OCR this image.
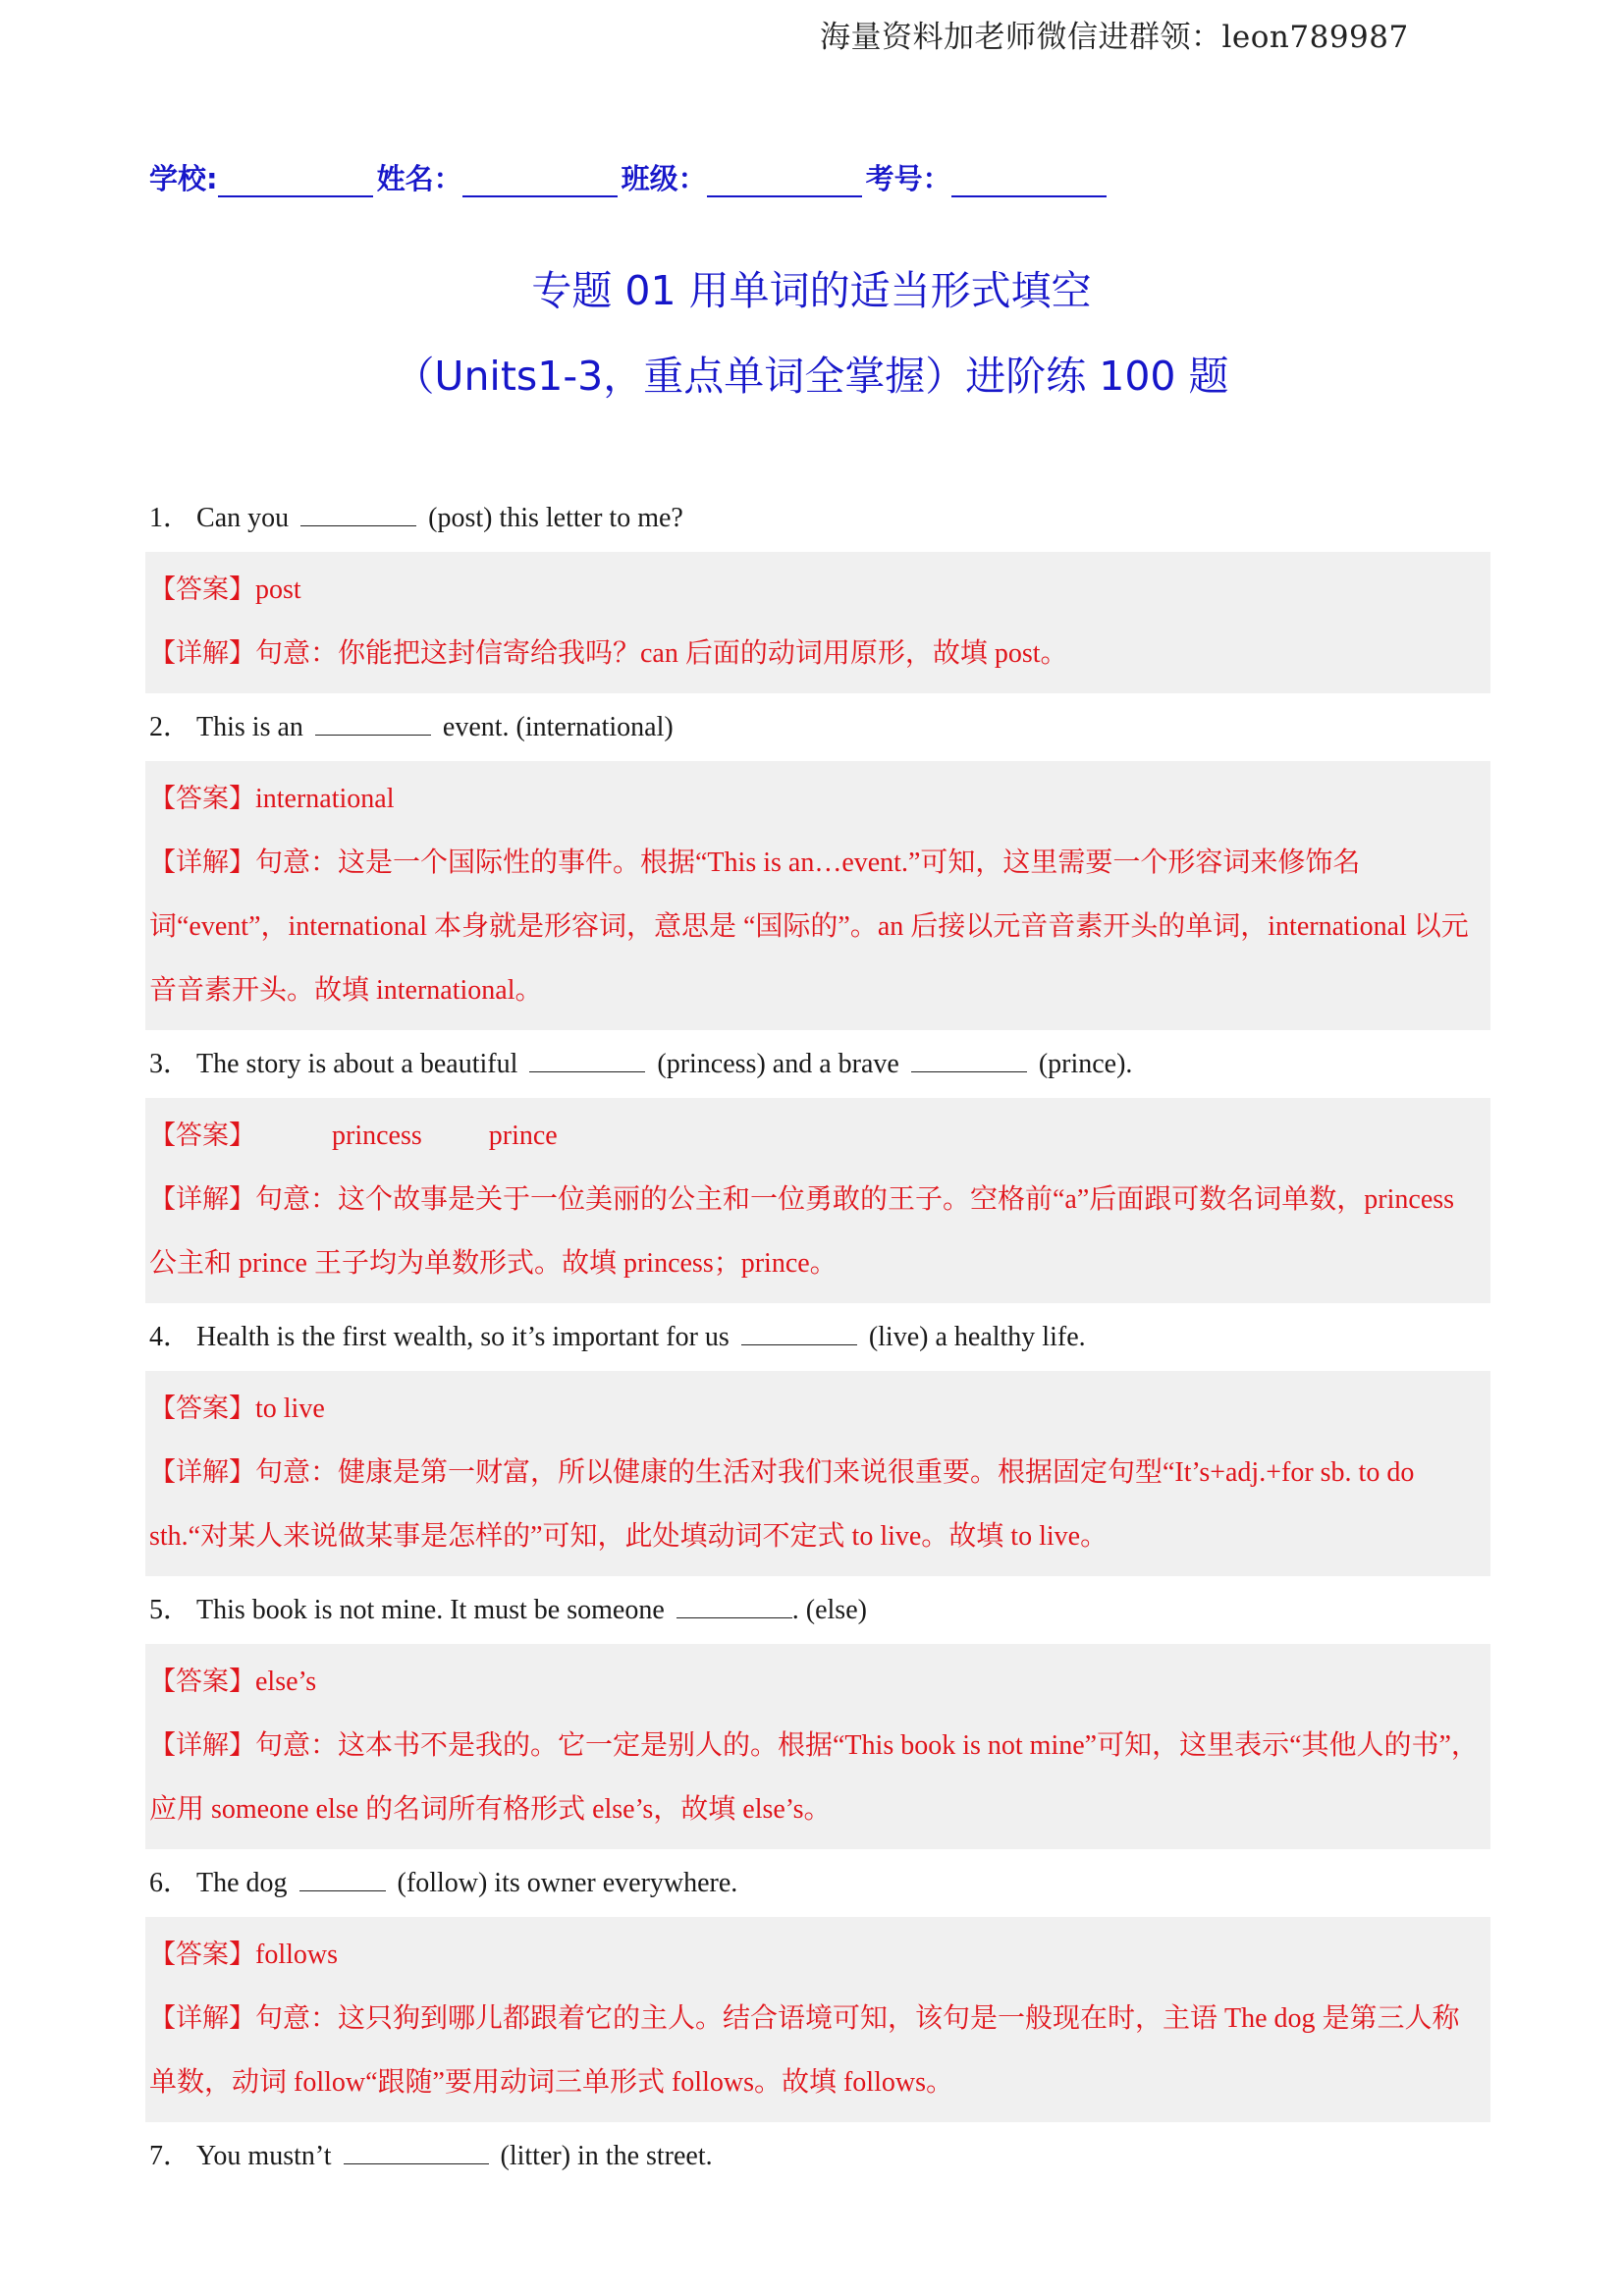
海量资料加老师微信进群领：leon789987
学校:	姓名：	班级：	考号：
专题 01 用单词的适当形式填空
（Units1-3，重点单词全掌握）进阶练 100 题
1． Can you	(post) this letter to me?
【答案】post
【详解】句意：你能把这封信寄给我吗？can 后面的动词用原形，故填 post。
2． This is an	event. (international)
【答案】international
【详解】句意：这是一个国际性的事件。根据“This is an…event.”可知，这里需要一个形容词来修饰名词“event”，international 本身就是形容词，意思是 “国际的”。an 后接以元音音素开头的单词，international 以元音音素开头。故填 international。
3． The story is about a beautiful	(princess) and a brave	(prince).
【答案】	princess prince
【详解】句意：这个故事是关于一位美丽的公主和一位勇敢的王子。空格前“a”后面跟可数名词单数，princess 公主和 prince 王子均为单数形式。故填 princess；prince。
4． Health is the first wealth, so it’s important for us	(live) a healthy life.
【答案】to live
【详解】句意：健康是第一财富，所以健康的生活对我们来说很重要。根据固定句型“It’s+adj.+for sb. to do sth.“对某人来说做某事是怎样的”可知，此处填动词不定式 to live。故填 to live。
5． This book is not mine. It must be someone	. (else)
【答案】else’s
【详解】句意：这本书不是我的。它一定是别人的。根据“This book is not mine”可知，这里表示“其他人的书”，应用 someone else 的名词所有格形式 else’s，故填 else’s。
6． The dog	(follow) its owner everywhere.
【答案】follows
【详解】句意：这只狗到哪儿都跟着它的主人。结合语境可知，该句是一般现在时，主语 The dog 是第三人称单数，动词 follow“跟随”要用动词三单形式 follows。故填 follows。
7． You mustn’t	(litter) in the street.
